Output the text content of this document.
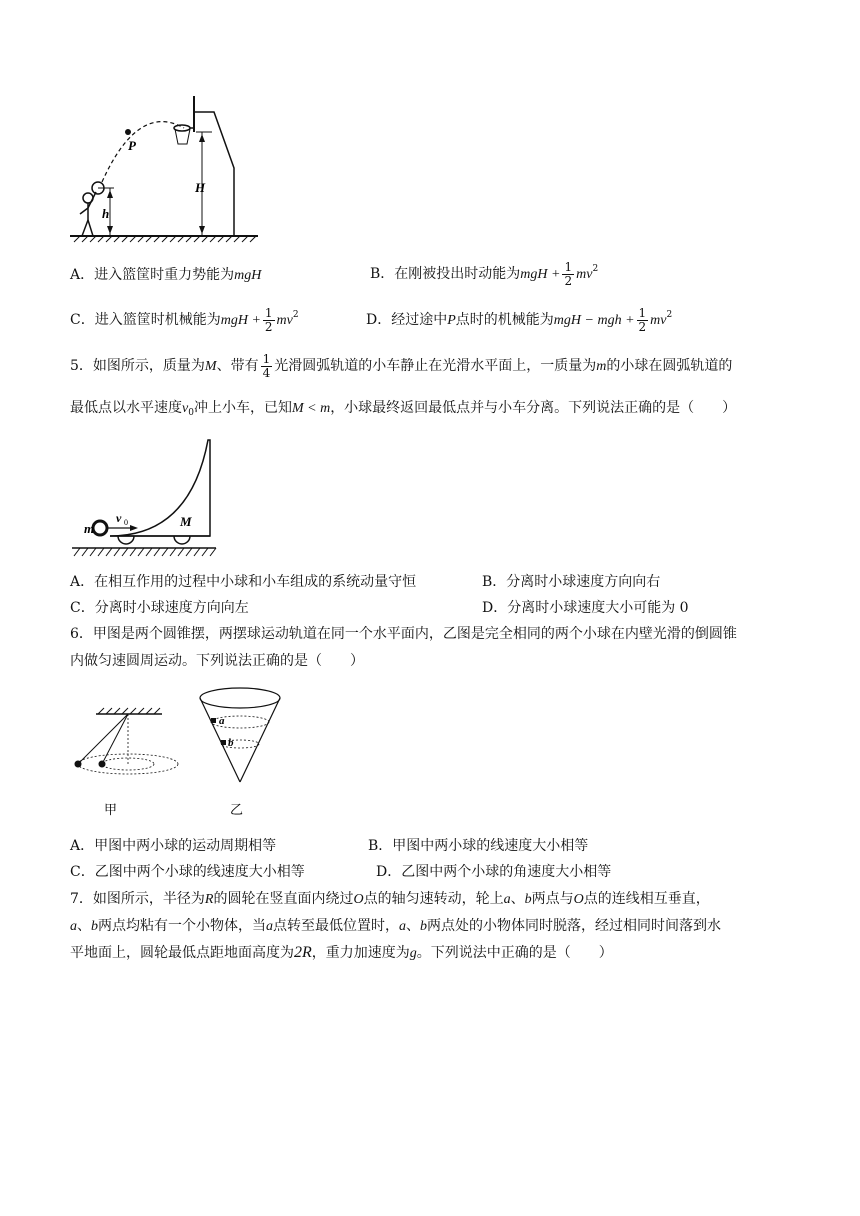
h
P
H
A．进入篮筐时重力势能为mgH	B．在刚被投出时动能为mgH + $\frac{1}{2} mv^2$
C．进入篮筐时机械能为mgH + $\frac{1}{2} mv^2$	D．经过途中P点时的机械能为mgH − mgh + $\frac{1}{2} mv^2$
5．如图所示，质量为M、带有 $\frac{1}{4}$ 光滑圆弧轨道的小车静止在光滑水平面上，一质量为m的小球在圆弧轨道的
最低点以水平速度$v_0$冲上小车，已知M < m，小球最终返回最低点并与小车分离。下列说法正确的是（　　）
m
v 0	M
A．在相互作用的过程中小球和小车组成的系统动量守恒	B．分离时小球速度方向向右
C．分离时小球速度方向向左	D．分离时小球速度大小可能为 0
6．甲图是两个圆锥摆，两摆球运动轨道在同一个水平面内，乙图是完全相同的两个小球在内壁光滑的倒圆锥
内做匀速圆周运动。下列说法正确的是（　　）
甲
a
b
乙
A．甲图中两小球的运动周期相等	B．甲图中两小球的线速度大小相等
C．乙图中两个小球的线速度大小相等	D．乙图中两个小球的角速度大小相等
7．如图所示，半径为R的圆轮在竖直面内绕过O点的轴匀速转动，轮上a、b两点与O点的连线相互垂直，
a、b两点均粘有一个小物体，当a点转至最低位置时，a、b两点处的小物体同时脱落，经过相同时间落到水
平地面上，圆轮最低点距地面高度为2R，重力加速度为g。下列说法中正确的是（　　）
